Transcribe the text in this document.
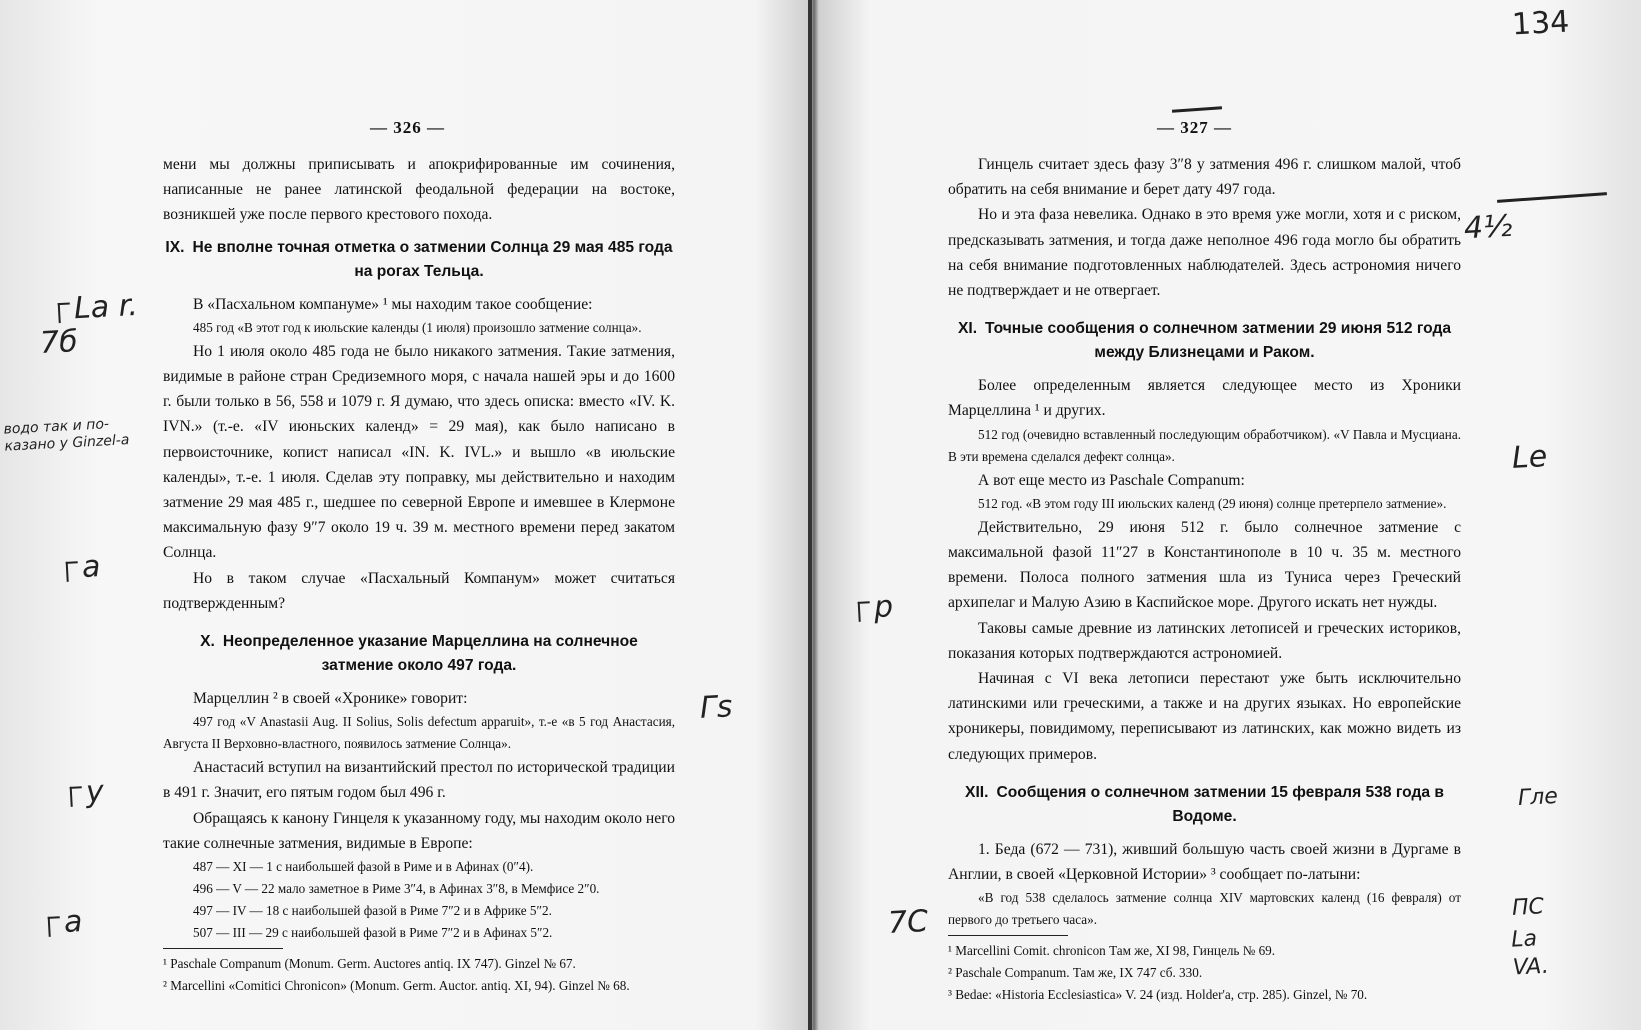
— 326 —

мени мы должны приписывать и апокрифированные им сочинения, написанные не ранее латинской феодальной федерации на востоке, возникшей уже после первого крестового похода.

IX. Не вполне точная отметка о затмении Солнца 29 мая 485 года на рогах Тельца.

В «Пасхальном компануме» ¹ мы находим такое сообщение:

485 год «В этот год к июльские календы (1 июля) произошло затмение солнца».

Но 1 июля около 485 года не было никакого затмения. Такие затмения, видимые в районе стран Средиземного моря, с начала нашей эры и до 1600 г. были только в 56, 558 и 1079 г. Я думаю, что здесь описка: вместо «IV. K. IVN.» (т.-е. «IV июньских календ» = 29 мая), как было написано в первоисточнике, копист написал «IN. K. IVL.» и вышло «в июльские календы», т.-е. 1 июля. Сделав эту поправку, мы действительно и находим затмение 29 мая 485 г., шедшее по северной Европе и имевшее в Клермоне максимальную фазу 9″7 около 19 ч. 39 м. местного времени перед закатом Солнца.

Но в таком случае «Пасхальный Компанум» может считаться подтвержденным?

X. Неопределенное указание Марцеллина на солнечное затмение около 497 года.

Марцеллин ² в своей «Хронике» говорит:

497 год «V Anastasii Aug. II Solius, Solis defectum apparuit», т.-е «в 5 год Анастасия, Августа II Верховно-властного, появилось затмение Солнца».

Анастасий вступил на византийский престол по исторической традиции в 491 г. Значит, его пятым годом был 496 г.

Обращаясь к канону Гинцеля к указанному году, мы находим около него такие солнечные затмения, видимые в Европе:

487 — XI — 1 с наибольшей фазой в Риме и в Афинах (0″4).

496 — V — 22 мало заметное в Риме 3″4, в Афинах 3″8, в Мемфисе 2″0.

497 — IV — 18 с наибольшей фазой в Риме 7″2 и в Африке 5″2.

507 — III — 29 с наибольшей фазой в Риме 7″2 и в Афинах 5″2.

¹ Paschale Companum (Monum. Germ. Auctores antiq. IX 747). Ginzel № 67.

² Marcellini «Comitici Chronicon» (Monum. Germ. Auctor. antiq. XI, 94). Ginzel № 68.

La r.
7б
водо так и по- казано у Ginzel-а
а
у
а
Гs
— 327 —

Гинцель считает здесь фазу 3″8 у затмения 496 г. слишком малой, чтоб обратить на себя внимание и берет дату 497 года.

Но и эта фаза невелика. Однако в это время уже могли, хотя и с риском, предсказывать затмения, и тогда даже неполное 496 года могло бы обратить на себя внимание подготовленных наблюдателей. Здесь астрономия ничего не подтверждает и не отвергает.

XI. Точные сообщения о солнечном затмении 29 июня 512 года между Близнецами и Раком.

Более определенным является следующее место из Хроники Марцеллина ¹ и других.

512 год (очевидно вставленный последующим обработчиком). «V Павла и Мусциана. В эти времена сделался дефект солнца».

А вот еще место из Paschale Companum:

512 год. «В этом году III июльских календ (29 июня) солнце претерпело затмение».

Действительно, 29 июня 512 г. было солнечное затмение с максимальной фазой 11″27 в Константинополе в 10 ч. 35 м. местного времени. Полоса полного затмения шла из Туниса через Греческий архипелаг и Малую Азию в Каспийское море. Другого искать нет нужды.

Таковы самые древние из латинских летописей и греческих историков, показания которых подтверждаются астрономией.

Начиная с VI века летописи перестают уже быть исключительно латинскими или греческими, а также и на других языках. Но европейские хроникеры, повидимому, переписывают из латинских, как можно видеть из следующих примеров.

XII. Сообщения о солнечном затмении 15 февраля 538 года в Водоме.

1. Беда (672 — 731), живший большую часть своей жизни в Дургаме в Англии, в своей «Церковной Истории» ³ сообщает по-латыни:

«В год 538 сделалось затмение солнца XIV мартовских календ (16 февраля) от первого до третьего часа».

¹ Marcellini Comit. chronicon Там же, XI 98, Гинцель № 69.

² Paschale Companum. Там же, IX 747 сб. 330.

³ Bedae: «Historia Ecclesiastica» V. 24 (изд. Holder'a, стр. 285). Ginzel, № 70.

134
4½
Lе
р
Гле
7С	ПС
La VA.
